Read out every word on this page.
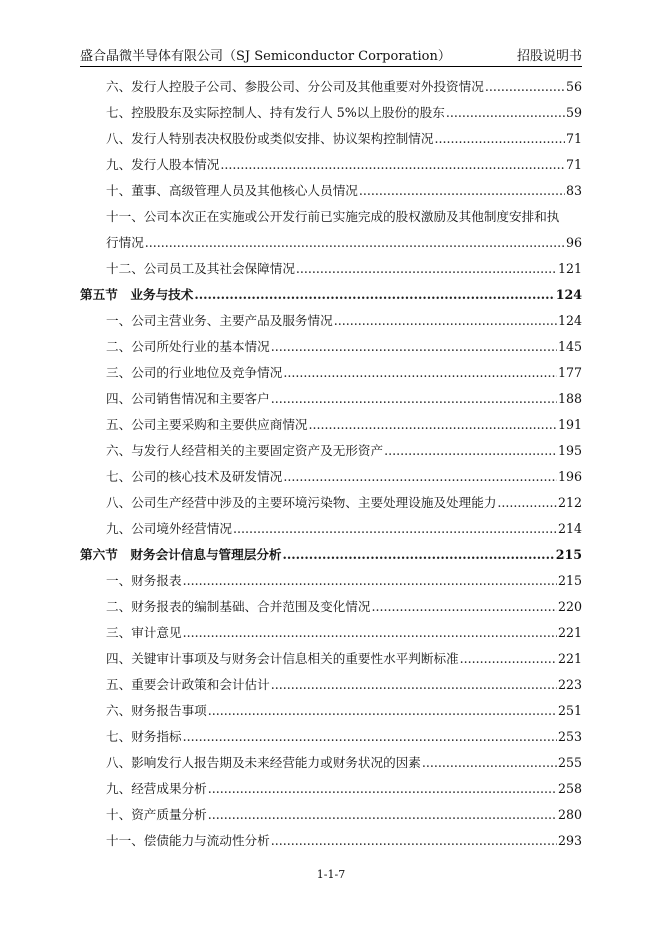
盛合晶微半导体有限公司（SJ Semiconductor Corporation）	招股说明书
六、发行人控股子公司、参股公司、分公司及其他重要对外投资情况 .....	56
七、控股股东及实际控制人、持有发行人 5%以上股份的股东 .....	59
八、发行人特别表决权股份或类似安排、协议架构控制情况 .....	71
九、发行人股本情况 .....	71
十、董事、高级管理人员及其他核心人员情况 .....	83
十一、公司本次正在实施或公开发行前已实施完成的股权激励及其他制度安排和执
行情况 .....	96
十二、公司员工及其社会保障情况 .....	121
第五节　业务与技术 .....	124
一、公司主营业务、主要产品及服务情况 .....	124
二、公司所处行业的基本情况 .....	145
三、公司的行业地位及竞争情况 .....	177
四、公司销售情况和主要客户 .....	188
五、公司主要采购和主要供应商情况 .....	191
六、与发行人经营相关的主要固定资产及无形资产 .....	195
七、公司的核心技术及研发情况 .....	196
八、公司生产经营中涉及的主要环境污染物、主要处理设施及处理能力 .....	212
九、公司境外经营情况 .....	214
第六节　财务会计信息与管理层分析 .....	215
一、财务报表 .....	215
二、财务报表的编制基础、合并范围及变化情况 .....	220
三、审计意见 .....	221
四、关键审计事项及与财务会计信息相关的重要性水平判断标准 .....	221
五、重要会计政策和会计估计 .....	223
六、财务报告事项 .....	251
七、财务指标 .....	253
八、影响发行人报告期及未来经营能力或财务状况的因素 .....	255
九、经营成果分析 .....	258
十、资产质量分析 .....	280
十一、偿债能力与流动性分析 .....	293
1-1-7
